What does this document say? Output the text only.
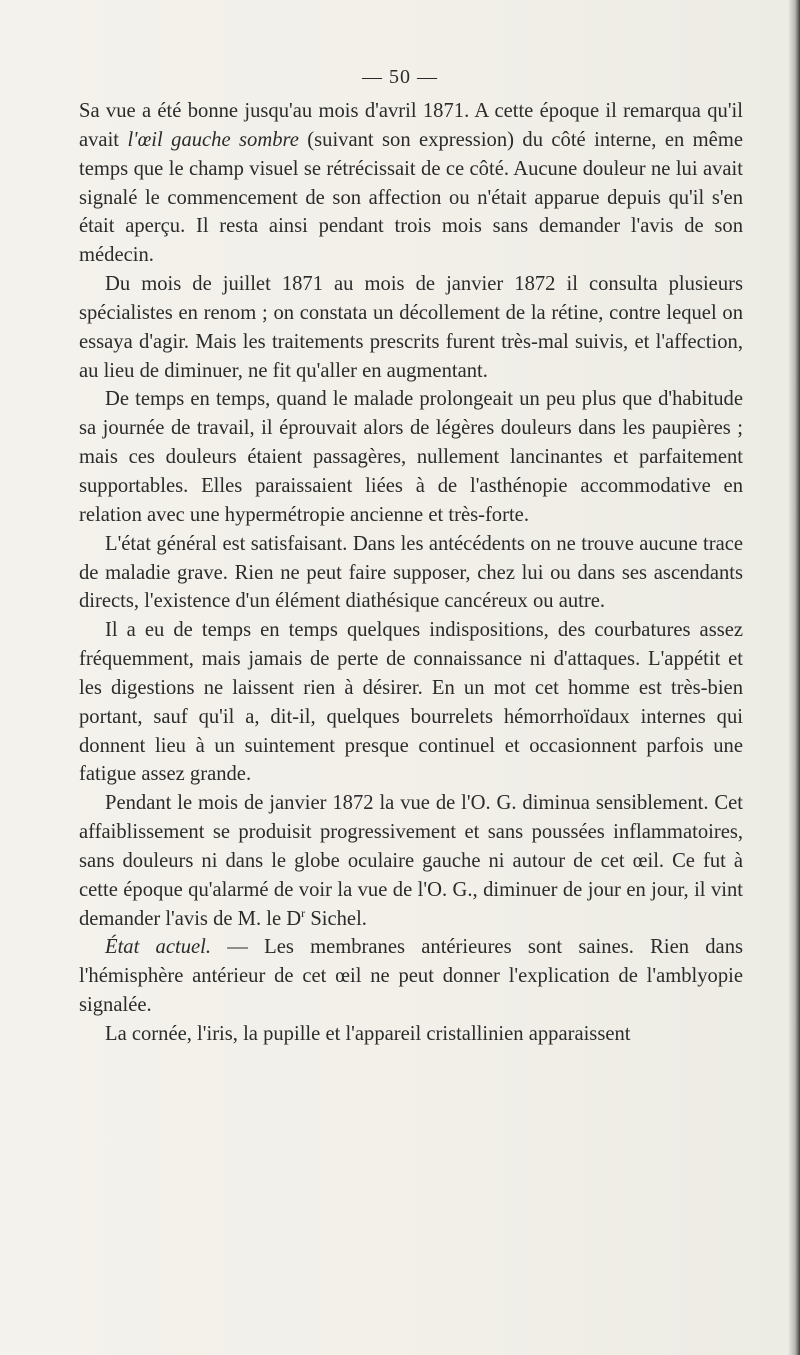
— 50 —

Sa vue a été bonne jusqu'au mois d'avril 1871. A cette époque il remarqua qu'il avait l'œil gauche sombre (suivant son expression) du côté interne, en même temps que le champ visuel se rétrécissait de ce côté. Aucune douleur ne lui avait signalé le commencement de son affection ou n'était apparue depuis qu'il s'en était aperçu. Il resta ainsi pendant trois mois sans demander l'avis de son médecin.

Du mois de juillet 1871 au mois de janvier 1872 il consulta plusieurs spécialistes en renom ; on constata un décollement de la rétine, contre lequel on essaya d'agir. Mais les traitements prescrits furent très-mal suivis, et l'affection, au lieu de diminuer, ne fit qu'aller en augmentant.

De temps en temps, quand le malade prolongeait un peu plus que d'habitude sa journée de travail, il éprouvait alors de légères douleurs dans les paupières ; mais ces douleurs étaient passagères, nullement lancinantes et parfaitement supportables. Elles paraissaient liées à de l'asthénopie accommodative en relation avec une hypermétropie ancienne et très-forte.

L'état général est satisfaisant. Dans les antécédents on ne trouve aucune trace de maladie grave. Rien ne peut faire supposer, chez lui ou dans ses ascendants directs, l'existence d'un élément diathésique cancéreux ou autre.

Il a eu de temps en temps quelques indispositions, des courbatures assez fréquemment, mais jamais de perte de connaissance ni d'attaques. L'appétit et les digestions ne laissent rien à désirer. En un mot cet homme est très-bien portant, sauf qu'il a, dit-il, quelques bourrelets hémorrhoïdaux internes qui donnent lieu à un suintement presque continuel et occasionnent parfois une fatigue assez grande.

Pendant le mois de janvier 1872 la vue de l'O. G. diminua sensiblement. Cet affaiblissement se produisit progressivement et sans poussées inflammatoires, sans douleurs ni dans le globe oculaire gauche ni autour de cet œil. Ce fut à cette époque qu'alarmé de voir la vue de l'O. G., diminuer de jour en jour, il vint demander l'avis de M. le $D^r$ Sichel.

État actuel. — Les membranes antérieures sont saines. Rien dans l'hémisphère antérieur de cet œil ne peut donner l'explication de l'amblyopie signalée.

La cornée, l'iris, la pupille et l'appareil cristallinien apparaissent
